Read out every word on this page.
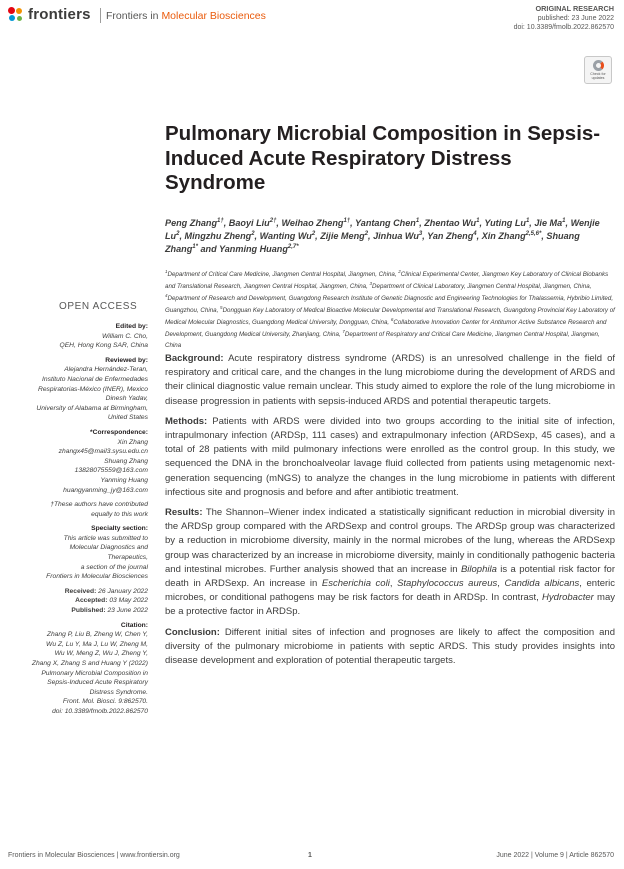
frontiers Frontiers in Molecular Biosciences
ORIGINAL RESEARCH
published: 23 June 2022
doi: 10.3389/fmolb.2022.862570
Check for updates
Pulmonary Microbial Composition in Sepsis-Induced Acute Respiratory Distress Syndrome
Peng Zhang$^{1\dagger}$, Baoyi Liu$^{2\dagger}$, Weihao Zheng$^{1\dagger}$, Yantang Chen$^1$, Zhentao Wu$^1$, Yuting Lu$^1$, Jie Ma$^1$, Wenjie Lu$^2$, Mingzhu Zheng$^2$, Wanting Wu$^2$, Zijie Meng$^2$, Jinhua Wu$^3$, Yan Zheng$^4$, Xin Zhang$^{2,5,6*}$, Shuang Zhang$^{1*}$ and Yanming Huang$^{2,7*}$
$^1$Department of Critical Care Medicine, Jiangmen Central Hospital, Jiangmen, China, $^2$Clinical Experimental Center, Jiangmen Key Laboratory of Clinical Biobanks and Translational Research, Jiangmen Central Hospital, Jiangmen, China, $^3$Department of Clinical Laboratory, Jiangmen Central Hospital, Jiangmen, China, $^4$Department of Research and Development, Guangdong Research Institute of Genetic Diagnostic and Engineering Technologies for Thalassemia, Hybribio Limited, Guangzhou, China, $^5$Dongguan Key Laboratory of Medical Bioactive Molecular Developmental and Translational Research, Guangdong Provincial Key Laboratory of Medical Molecular Diagnostics, Guangdong Medical University, Dongguan, China, $^6$Collaborative Innovation Center for Antitumor Active Substance Research and Development, Guangdong Medical University, Zhanjiang, China, $^7$Department of Respiratory and Critical Care Medicine, Jiangmen Central Hospital, Jiangmen, China
OPEN ACCESS
Edited by:
William C. Cho,
QEH, Hong Kong SAR, China
Reviewed by:
Alejandra Hernández-Teran,
Instituto Nacional de Enfermedades
Respiratorias-México (INER), Mexico
Dinesh Yadav,
University of Alabama at Birmingham,
United States
*Correspondence:
Xin Zhang
zhangx45@mail3.sysu.edu.cn
Shuang Zhang
13828075559@163.com
Yanming Huang
huangyanming_jy@163.com
†These authors have contributed
equally to this work
Specialty section:
This article was submitted to
Molecular Diagnostics and
Therapeutics,
a section of the journal
Frontiers in Molecular Biosciences
Received: 26 January 2022
Accepted: 03 May 2022
Published: 23 June 2022
Citation:
Zhang P, Liu B, Zheng W, Chen Y,
Wu Z, Lu Y, Ma J, Lu W, Zheng M,
Wu W, Meng Z, Wu J, Zheng Y,
Zhang X, Zhang S and Huang Y (2022)
Pulmonary Microbial Composition in
Sepsis-Induced Acute Respiratory
Distress Syndrome.
Front. Mol. Biosci. 9:862570.
doi: 10.3389/fmolb.2022.862570

Background: Acute respiratory distress syndrome (ARDS) is an unresolved challenge in the field of respiratory and critical care, and the changes in the lung microbiome during the development of ARDS and their clinical diagnostic value remain unclear. This study aimed to explore the role of the lung microbiome in disease progression in patients with sepsis-induced ARDS and potential therapeutic targets.

Methods: Patients with ARDS were divided into two groups according to the initial site of infection, intrapulmonary infection (ARDSp, 111 cases) and extrapulmonary infection (ARDSexp, 45 cases), and a total of 28 patients with mild pulmonary infections were enrolled as the control group. In this study, we sequenced the DNA in the bronchoalveolar lavage fluid collected from patients using metagenomic next-generation sequencing (mNGS) to analyze the changes in the lung microbiome in patients with different infectious site and prognosis and before and after antibiotic treatment.

Results: The Shannon–Wiener index indicated a statistically significant reduction in microbial diversity in the ARDSp group compared with the ARDSexp and control groups. The ARDSp group was characterized by a reduction in microbiome diversity, mainly in the normal microbes of the lung, whereas the ARDSexp group was characterized by an increase in microbiome diversity, mainly in conditionally pathogenic bacteria and intestinal microbes. Further analysis showed that an increase in Bilophila is a potential risk factor for death in ARDSexp. An increase in Escherichia coli, Staphylococcus aureus, Candida albicans, enteric microbes, or conditional pathogens may be risk factors for death in ARDSp. In contrast, Hydrobacter may be a protective factor in ARDSp.

Conclusion: Different initial sites of infection and prognoses are likely to affect the composition and diversity of the pulmonary microbiome in patients with septic ARDS. This study provides insights into disease development and exploration of potential therapeutic targets.

Frontiers in Molecular Biosciences | www.frontiersin.org	1	June 2022 | Volume 9 | Article 862570
